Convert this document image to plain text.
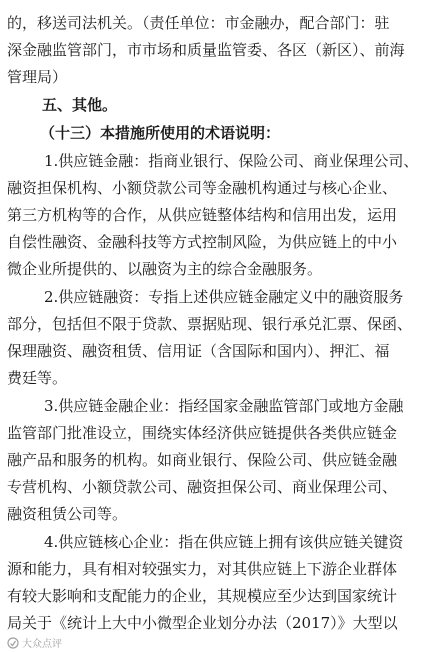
的，移送司法机关。（责任单位：市金融办，配合部门：驻
深金融监管部门，市市场和质量监管委、各区（新区）、前海
管理局）
五、其他。
（十三）本措施所使用的术语说明：
1.供应链金融：指商业银行、保险公司、商业保理公司、
融资担保机构、小额贷款公司等金融机构通过与核心企业、
第三方机构等的合作，从供应链整体结构和信用出发，运用
自偿性融资、金融科技等方式控制风险，为供应链上的中小
微企业所提供的、以融资为主的综合金融服务。
2.供应链融资：专指上述供应链金融定义中的融资服务
部分，包括但不限于贷款、票据贴现、银行承兑汇票、保函、
保理融资、融资租赁、信用证（含国际和国内）、押汇、福
费廷等。
3.供应链金融企业：指经国家金融监管部门或地方金融
监管部门批准设立，围绕实体经济供应链提供各类供应链金
融产品和服务的机构。如商业银行、保险公司、供应链金融
专营机构、小额贷款公司、融资担保公司、商业保理公司、
融资租赁公司等。
4.供应链核心企业：指在供应链上拥有该供应链关键资
源和能力，具有相对较强实力，对其供应链上下游企业群体
有较大影响和支配能力的企业，其规模应至少达到国家统计
局关于《统计上大中小微型企业划分办法（2017）》大型以
大众点评
